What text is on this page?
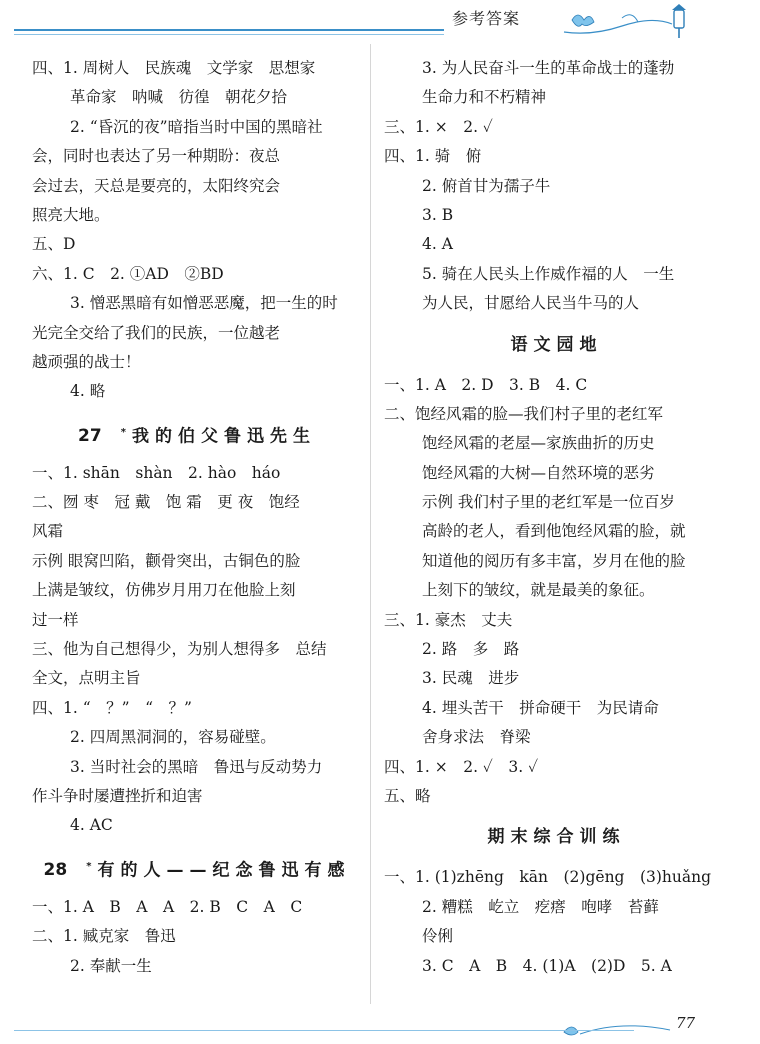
参考答案
四、1. 周树人　民族魂　文学家　思想家
革命家　呐喊　彷徨　朝花夕拾
2. “昏沉的夜”暗指当时中国的黑暗社
会，同时也表达了另一种期盼：夜总
会过去，天总是要亮的，太阳终究会
照亮大地。
五、D
六、1. C　2. ①AD　②BD
3. 憎恶黑暗有如憎恶恶魔，把一生的时
光完全交给了我们的民族，一位越老
越顽强的战士！
4. 略
27 *我的伯父鲁迅先生
一、1. shān　shàn　2. hào　háo
二、囫 枣　冠 戴　饱 霜　更 夜　饱经
风霜
示例 眼窝凹陷，颧骨突出，古铜色的脸
上满是皱纹，仿佛岁月用刀在他脸上刻
过一样
三、他为自己想得少，为别人想得多　总结
全文，点明主旨
四、1. “　？”　“　？”
2. 四周黑洞洞的，容易碰壁。
3. 当时社会的黑暗　鲁迅与反动势力
作斗争时屡遭挫折和迫害
4. AC
28 *有的人——纪念鲁迅有感
一、1. A　B　A　A　2. B　C　A　C
二、1. 臧克家　鲁迅
2. 奉献一生
3. 为人民奋斗一生的革命战士的蓬勃
生命力和不朽精神
三、1. ×　2. ✓
四、1. 骑　俯
2. 俯首甘为孺子牛
3. B
4. A
5. 骑在人民头上作威作福的人　一生
为人民，甘愿给人民当牛马的人
语文园地
一、1. A　2. D　3. B　4. C
二、饱经风霜的脸—我们村子里的老红军
饱经风霜的老屋—家族曲折的历史
饱经风霜的大树—自然环境的恶劣
示例 我们村子里的老红军是一位百岁
高龄的老人，看到他饱经风霜的脸，就
知道他的阅历有多丰富，岁月在他的脸
上刻下的皱纹，就是最美的象征。
三、1. 豪杰　丈夫
2. 路　多　路
3. 民魂　进步
4. 埋头苦干　拼命硬干　为民请命
舍身求法　脊梁
四、1. ×　2. ✓　3. ✓
五、略
期末综合训练
一、1. (1)zhēng　kān　(2)gēng　(3)huǎng
2. 糟糕　屹立　疙瘩　咆哮　苔藓
伶俐
3. C　A　B　4. (1)A　(2)D　5. A
77
